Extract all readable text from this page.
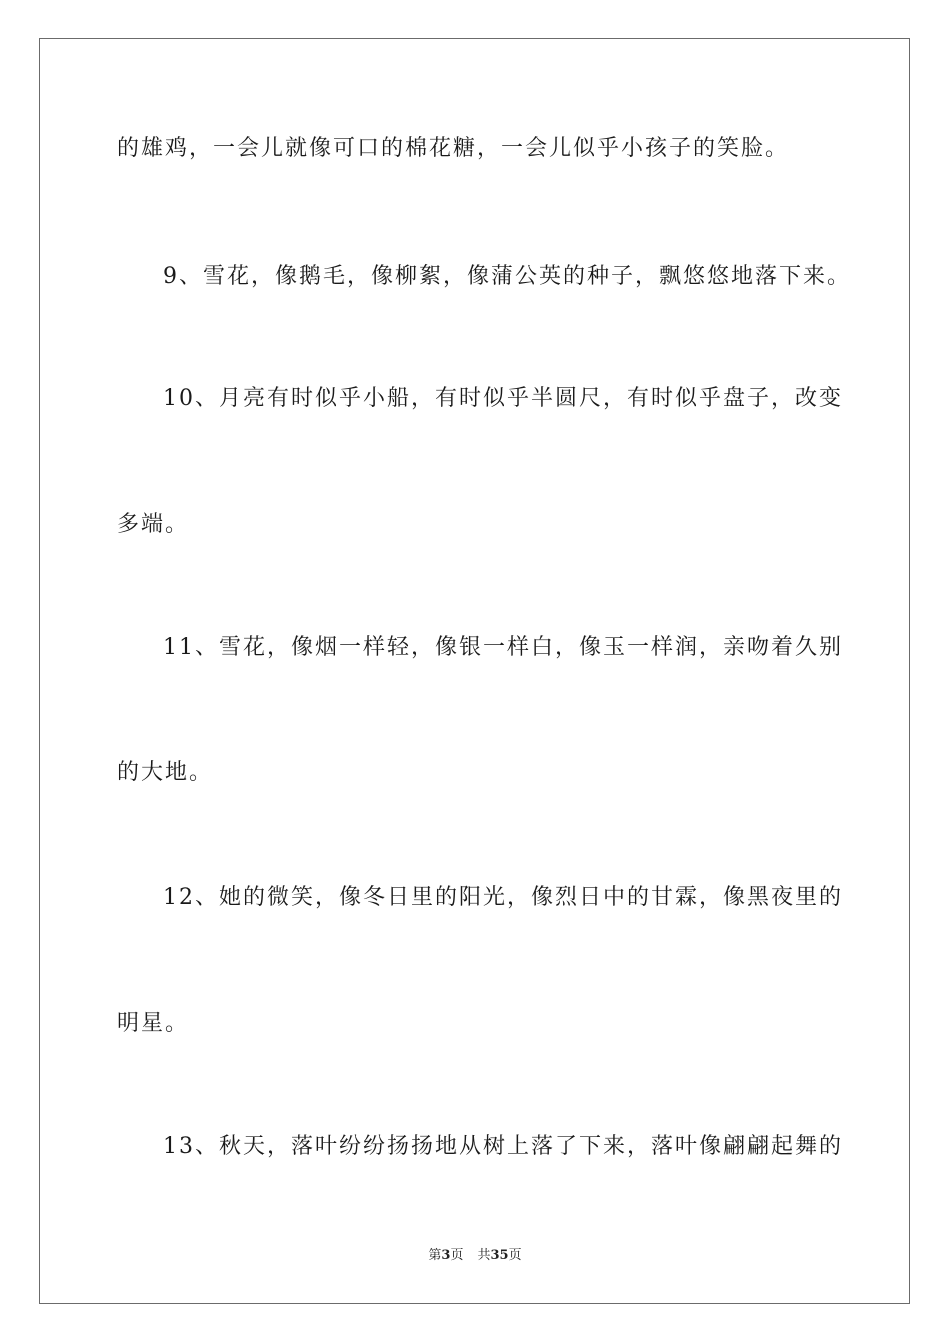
的雄鸡，一会儿就像可口的棉花糖，一会儿似乎小孩子的笑脸。
9、雪花，像鹅毛，像柳絮，像蒲公英的种子，飘悠悠地落下来。
10、月亮有时似乎小船，有时似乎半圆尺，有时似乎盘子，改变
多端。
11、雪花，像烟一样轻，像银一样白，像玉一样润，亲吻着久别
的大地。
12、她的微笑，像冬日里的阳光，像烈日中的甘霖，像黑夜里的
明星。
13、秋天，落叶纷纷扬扬地从树上落了下来，落叶像翩翩起舞的
第3页 共35页
